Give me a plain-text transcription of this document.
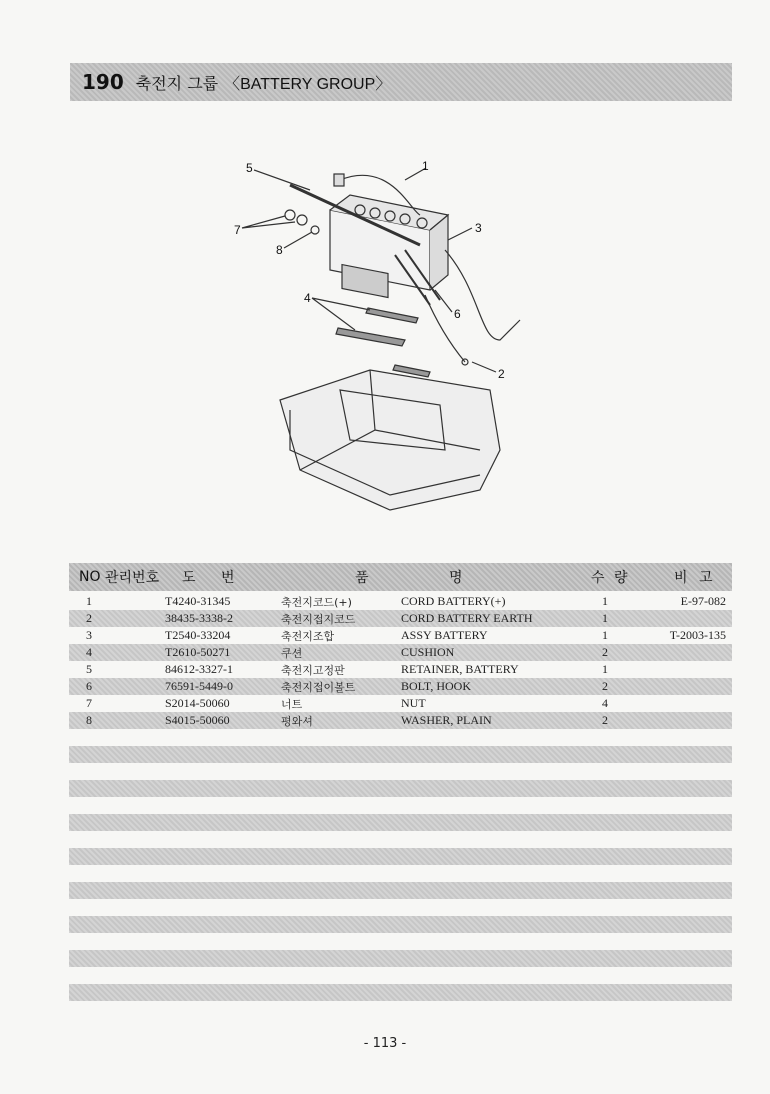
190 축전지 그룹 〈BATTERY GROUP〉
5	1
3
7
8
4
6
2
NO 관리번호 도 번	품	명	수 량	비 고
1	T4240-31345	축전지코드(+)	CORD BATTERY(+)	1	E-97-082
2	38435-3338-2	축전지접지코드	CORD BATTERY EARTH	1
3	T2540-33204	축전지조합	ASSY BATTERY	1	T-2003-135
4	T2610-50271	쿠션	CUSHION	2
5	84612-3327-1	축전지고정판	RETAINER, BATTERY	1
6	76591-5449-0	축전지접이볼트	BOLT, HOOK	2
7	S2014-50060	너트	NUT	4
8	S4015-50060	평와셔	WASHER, PLAIN	2
- 113 -
